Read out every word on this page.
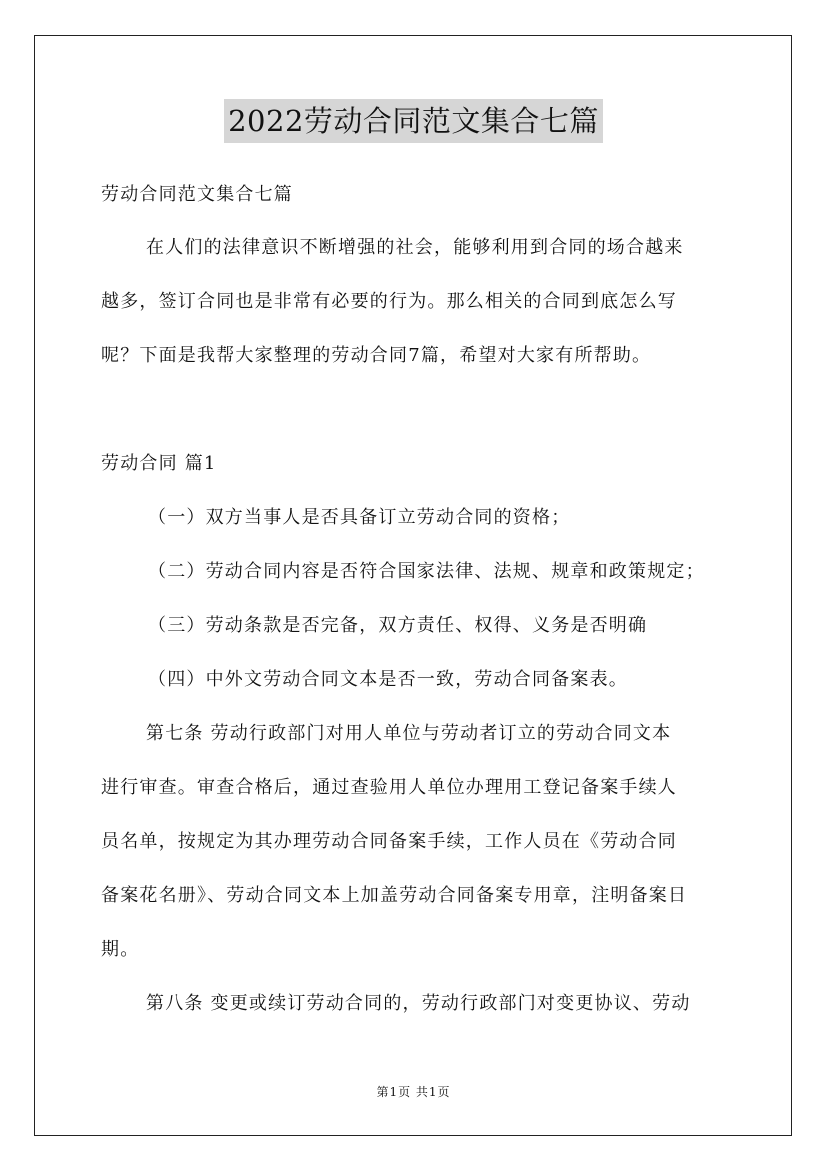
2022劳动合同范文集合七篇
劳动合同范文集合七篇
在人们的法律意识不断增强的社会，能够利用到合同的场合越来
越多，签订合同也是非常有必要的行为。那么相关的合同到底怎么写
呢？下面是我帮大家整理的劳动合同7篇，希望对大家有所帮助。
劳动合同 篇1
（一）双方当事人是否具备订立劳动合同的资格；
（二）劳动合同内容是否符合国家法律、法规、规章和政策规定；
（三）劳动条款是否完备，双方责任、权得、义务是否明确
（四）中外文劳动合同文本是否一致，劳动合同备案表。
第七条 劳动行政部门对用人单位与劳动者订立的劳动合同文本
进行审查。审查合格后，通过查验用人单位办理用工登记备案手续人
员名单，按规定为其办理劳动合同备案手续，工作人员在《劳动合同
备案花名册》、劳动合同文本上加盖劳动合同备案专用章，注明备案日
期。
第八条 变更或续订劳动合同的，劳动行政部门对变更协议、劳动
第1页 共1页
